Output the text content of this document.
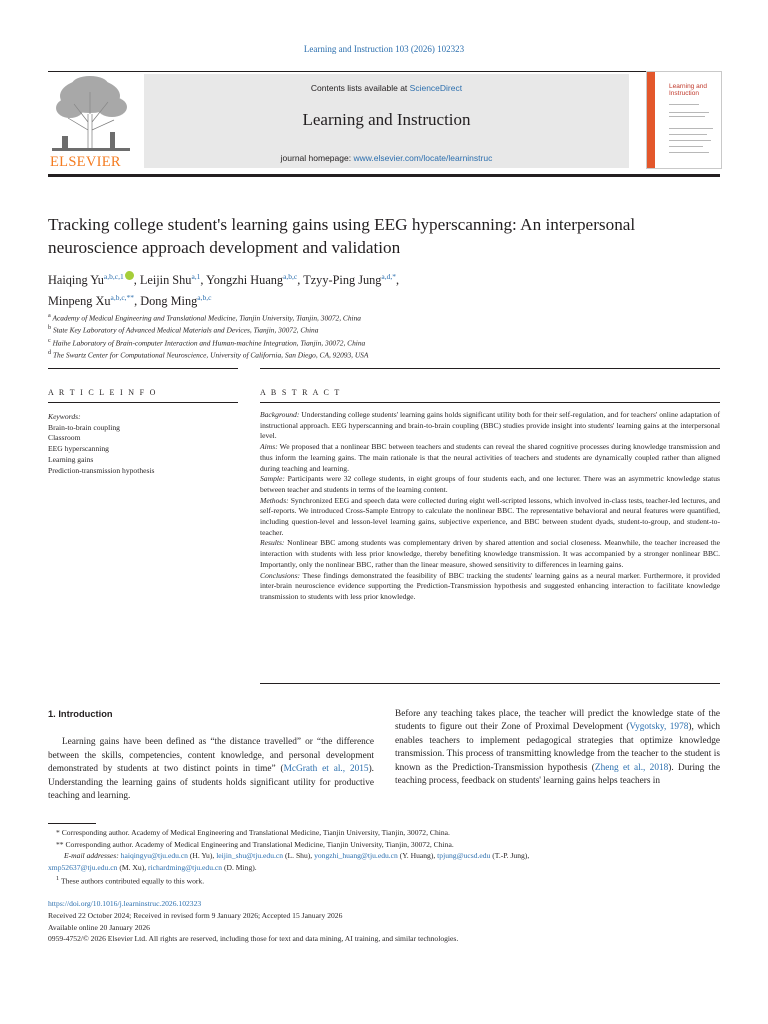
Learning and Instruction 103 (2026) 102323
ELSEVIER
Contents lists available at ScienceDirect
Learning and Instruction
journal homepage: www.elsevier.com/locate/learninstruc
Learning and Instruction
Tracking college student's learning gains using EEG hyperscanning: An interpersonal neuroscience approach development and validation
Haiqing Yu$^{a,b,c,1}$ , Leijin Shu$^{a,1}$, Yongzhi Huang$^{a,b,c}$, Tzyy-Ping Jung$^{a,d,*}$,
Minpeng $Xu^{a,b,c,**}$, Dong Ming$^{a,b,c}$
$^a$ Academy of Medical Engineering and Translational Medicine, Tianjin University, Tianjin, 30072, China
$^b$ State Key Laboratory of Advanced Medical Materials and Devices, Tianjin, 30072, China
$^c$ Haihe Laboratory of Brain-computer Interaction and Human-machine Integration, Tianjin, 30072, China
$^d$ The Swartz Center for Computational Neuroscience, University of California, San Diego, CA, 92093, USA
A R T I C L E I N F O	A B S T R A C T
Keywords:
Brain-to-brain coupling
Classroom
EEG hyperscanning
Learning gains
Prediction-transmission hypothesis

Background: Understanding college students' learning gains holds significant utility both for their self-regulation, and for teachers' online adaptation of instructional approach. EEG hyperscanning and brain-to-brain coupling (BBC) studies provide insight into students' learning gains at the interpersonal level.

Aims: We proposed that a nonlinear BBC between teachers and students can reveal the shared cognitive processes during knowledge transmission and thus inform the learning gains. The main rationale is that the neural activities of teachers and students are dynamically coupled rather than aligned during teaching and learning.

Sample: Participants were 32 college students, in eight groups of four students each, and one lecturer. There was an asymmetric knowledge status between teacher and students in terms of the learning content.

Methods: Synchronized EEG and speech data were collected during eight well-scripted lessons, which involved in-class tests, teacher-led lectures, and self-reports. We introduced Cross-Sample Entropy to calculate the nonlinear BBC. The representative behavioral and neural features were quantified, including question-level and lesson-level learning gains, subjective experience, and BBC between student dyads, student-to-group, and student-to-teacher.

Results: Nonlinear BBC among students was complementary driven by shared attention and social closeness. Meanwhile, the teacher increased the interaction with students with less prior knowledge, thereby benefiting knowledge transmission. It was accompanied by a stronger nonlinear BBC. Importantly, only the nonlinear BBC, rather than the linear measure, showed sensitivity to differences in learning gains.

Conclusions: These findings demonstrated the feasibility of BBC tracking the students' learning gains as a neural marker. Furthermore, it provided inter-brain neuroscience evidence supporting the Prediction-Transmission hypothesis and suggested enhancing interaction to facilitate knowledge transmission to students with less prior knowledge.

1. Introduction

Learning gains have been defined as “the distance travelled” or “the difference between the skills, competencies, content knowledge, and personal development demonstrated by students at two distinct points in time” (McGrath et al., 2015). Understanding the learning gains of students holds significant utility for productive teaching and learning.

Before any teaching takes place, the teacher will predict the knowledge state of the students to figure out their Zone of Proximal Development (Vygotsky, 1978), which enables teachers to implement pedagogical strategies that optimize knowledge transmission. This process of transmitting knowledge from the teacher to the student is known as the Prediction-Transmission hypothesis (Zheng et al., 2018). During the teaching process, feedback on students' learning gains helps teachers in

* Corresponding author. Academy of Medical Engineering and Translational Medicine, Tianjin University, Tianjin, 30072, China.

** Corresponding author. Academy of Medical Engineering and Translational Medicine, Tianjin University, Tianjin, 30072, China.

E-mail addresses: haiqingyu@tju.edu.cn (H. Yu), leijin_shu@tju.edu.cn (L. Shu), yongzhi_huang@tju.edu.cn (Y. Huang), tpjung@ucsd.edu (T.-P. Jung),

xmp52637@tju.edu.cn (M. Xu), richardming@tju.edu.cn (D. Ming).

$^1$ These authors contributed equally to this work.

https://doi.org/10.1016/j.learninstruc.2026.102323

Received 22 October 2024; Received in revised form 9 January 2026; Accepted 15 January 2026

Available online 20 January 2026

0959-4752/© 2026 Elsevier Ltd. All rights are reserved, including those for text and data mining, AI training, and similar technologies.
